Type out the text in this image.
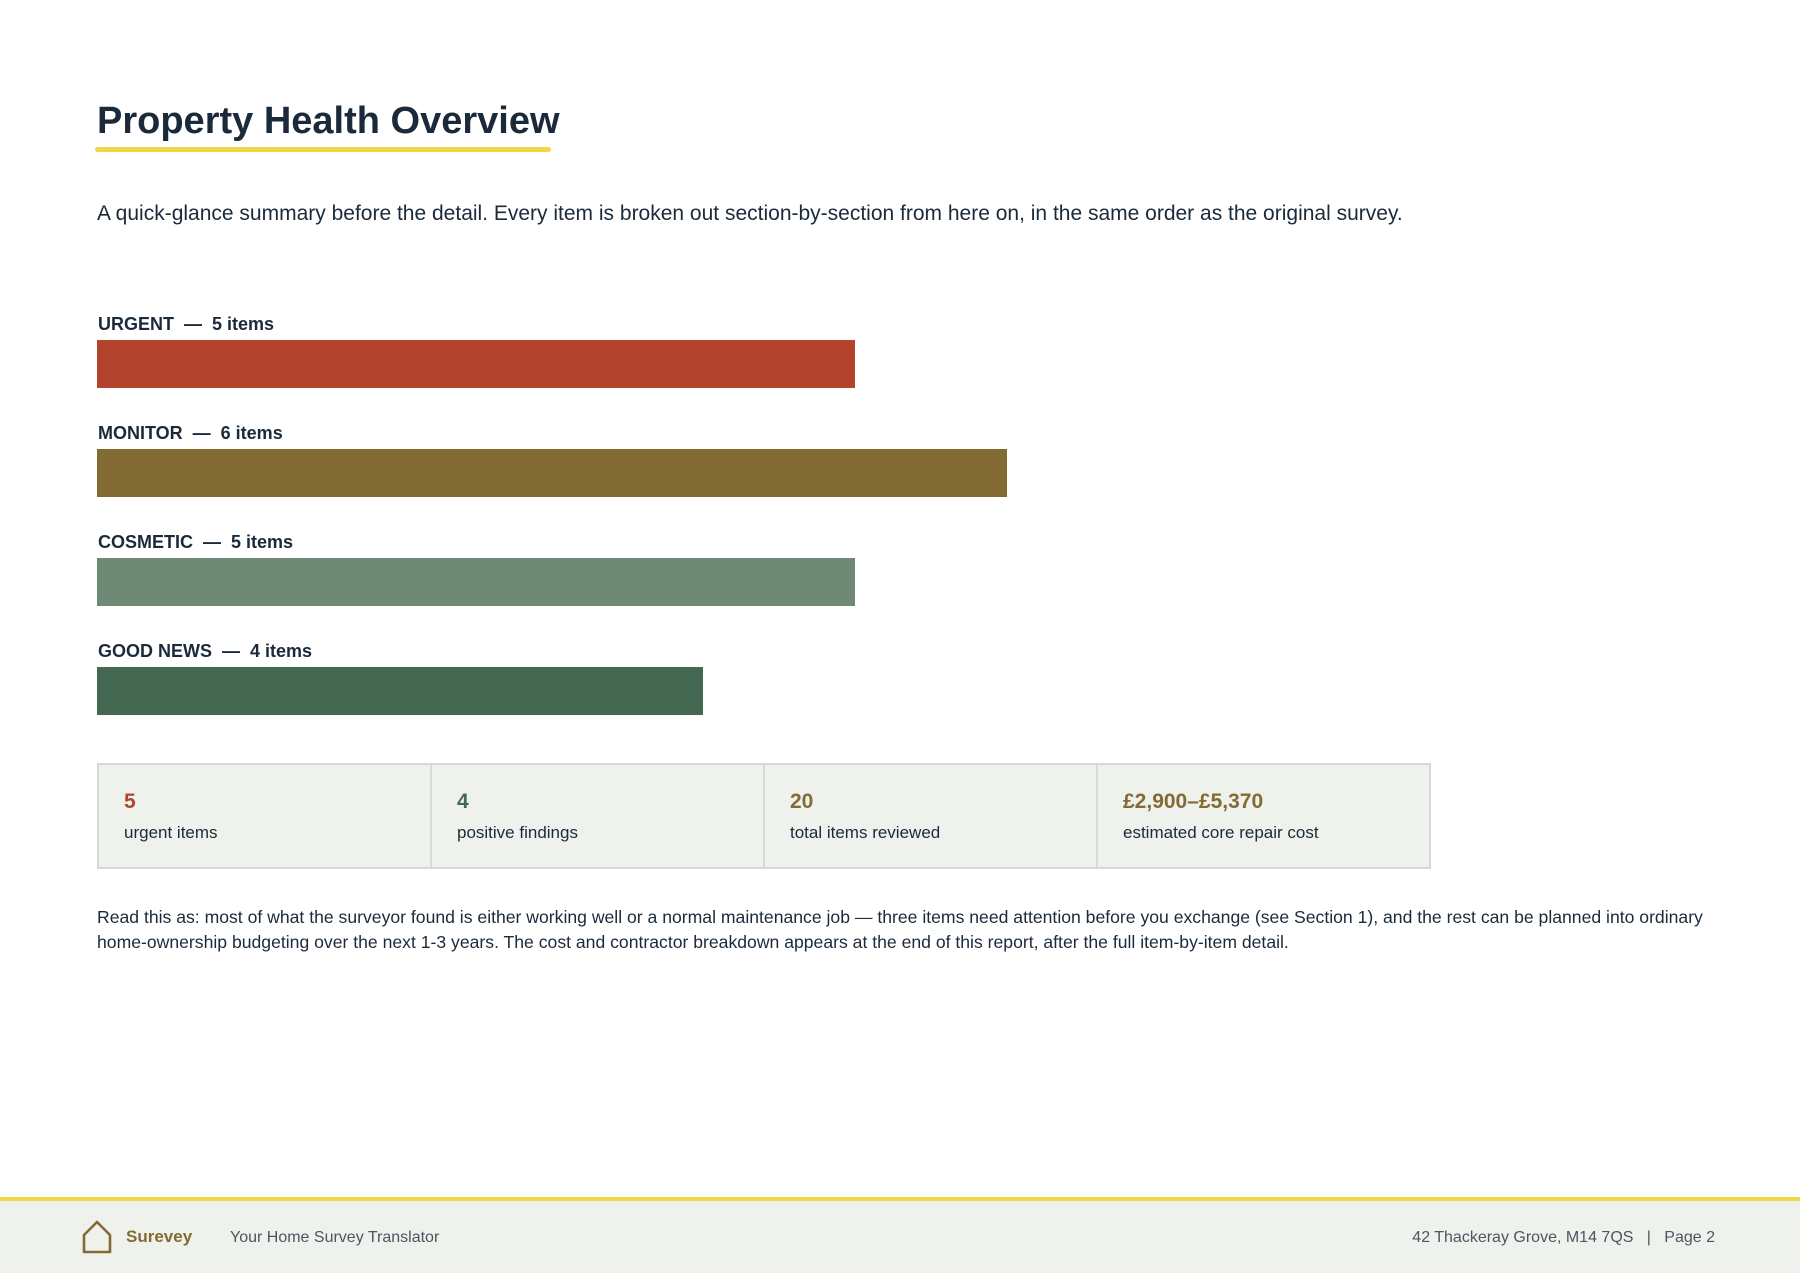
Property Health Overview

A quick-glance summary before the detail. Every item is broken out section-by-section from here on, in the same order as the original survey.

URGENT  —  5 items
MONITOR  —  6 items
COSMETIC  —  5 items
GOOD NEWS  —  4 items
5
urgent items
4
positive findings
20
total items reviewed
£2,900–£5,370
estimated core repair cost

Read this as: most of what the surveyor found is either working well or a normal maintenance job — three items need attention before you exchange (see Section 1), and the rest can be planned into ordinary home-ownership budgeting over the next 1-3 years. The cost and contractor breakdown appears at the end of this report, after the full item-by-item detail.

Surevey Your Home Survey Translator	42 Thackeray Grove, M14 7QS | Page 2
